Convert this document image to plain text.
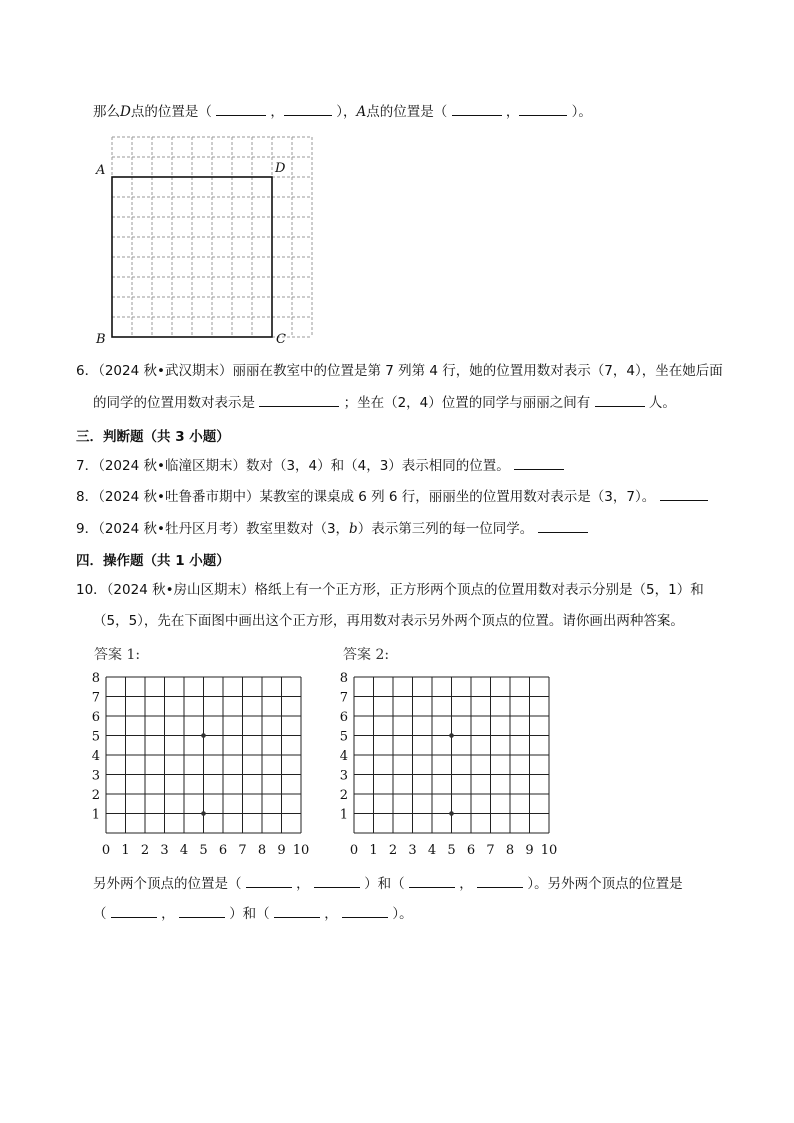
那么D点的位置是（	，	），A点的位置是（	，	）。
A	D
B	C
6．（2024 秋•武汉期末）丽丽在教室中的位置是第 7 列第 4 行，她的位置用数对表示（7，4），坐在她后面
的同学的位置用数对表示是	；坐在（2，4）位置的同学与丽丽之间有	人。
三．判断题（共 3 小题）
7．（2024 秋•临潼区期末）数对（3，4）和（4，3）表示相同的位置。
8．（2024 秋•吐鲁番市期中）某教室的课桌成 6 列 6 行，丽丽坐的位置用数对表示是（3，7）。
9．（2024 秋•牡丹区月考）教室里数对（3，b）表示第三列的每一位同学。
四．操作题（共 1 小题）
10．（2024 秋•房山区期末）格纸上有一个正方形，正方形两个顶点的位置用数对表示分别是（5，1）和
（5，5），先在下面图中画出这个正方形，再用数对表示另外两个顶点的位置。请你画出两种答案。
答案 1:	答案 2:
0 1 2 3 4 5 6 7 8 9 10
1
2
3
4
5
6
7
8
0 1 2 3 4 5 6 7 8 9 10
1
2
3
4
5
6
7
8
另外两个顶点的位置是（	，	）和（	，	）。另外两个顶点的位置是
（	，	）和（	，	）。
